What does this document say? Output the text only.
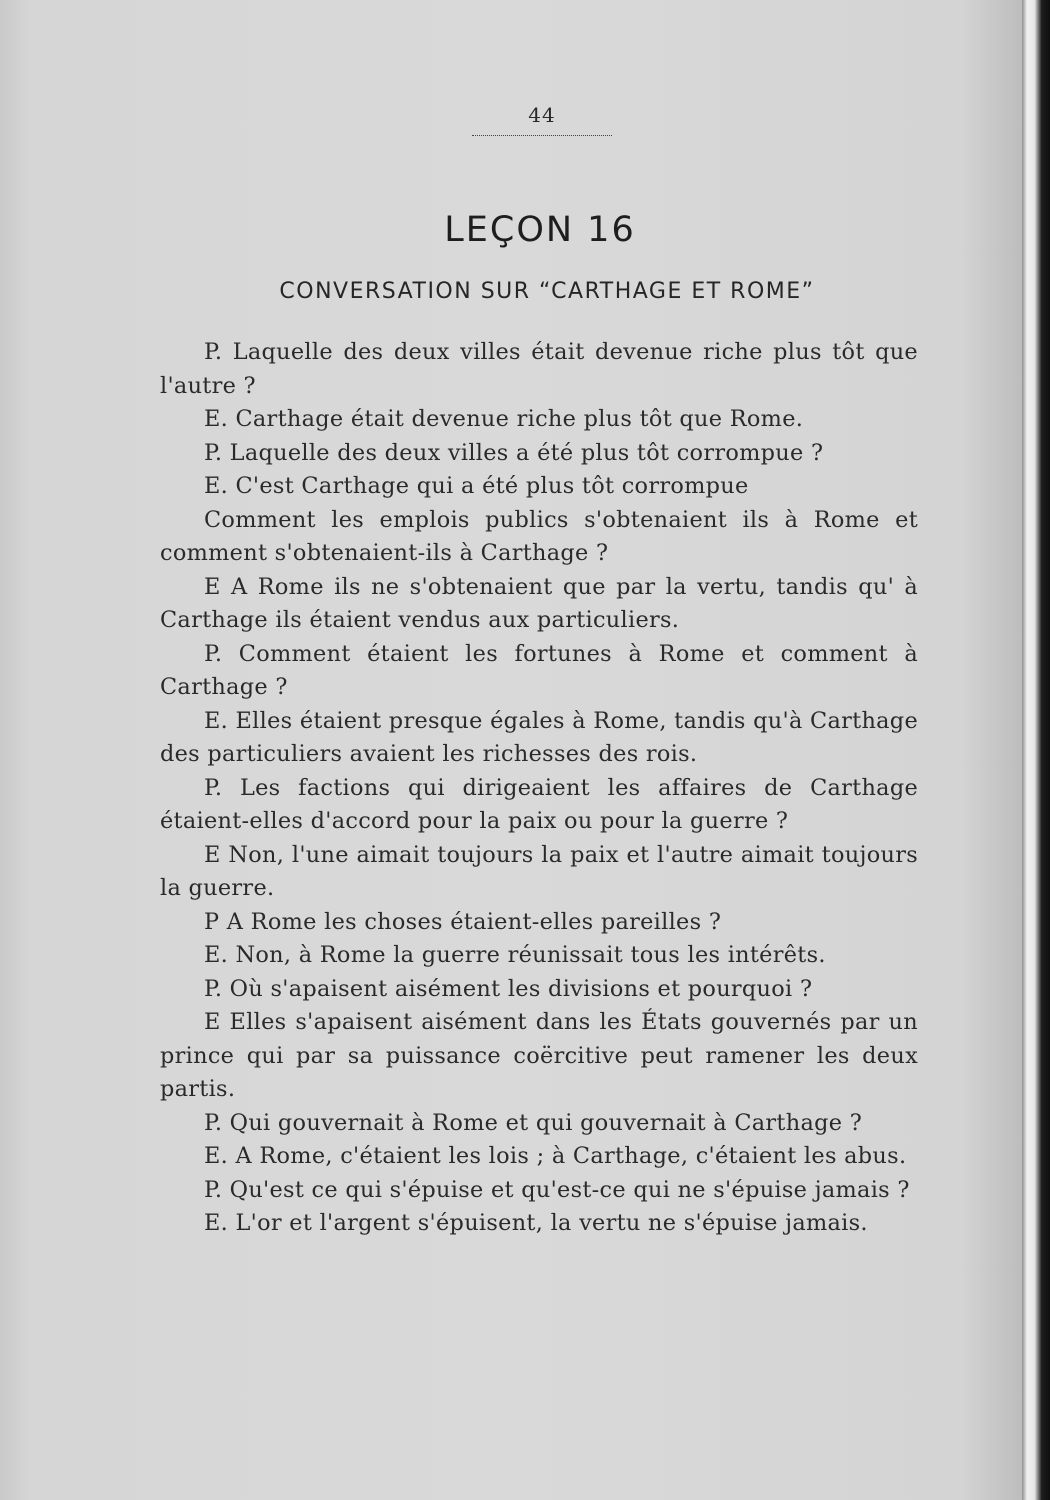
44
LEÇON 16
CONVERSATION SUR “CARTHAGE ET ROME”

P. Laquelle des deux villes était devenue riche plus tôt que l'autre ?

E. Carthage était devenue riche plus tôt que Rome.

P. Laquelle des deux villes a été plus tôt corrompue ?

E. C'est Carthage qui a été plus tôt corrompue

Comment les emplois publics s'obtenaient ils à Rome et comment s'obtenaient-ils à Carthage ?

E A Rome ils ne s'obtenaient que par la vertu, tandis qu' à Carthage ils étaient vendus aux particuliers.

P. Comment étaient les fortunes à Rome et comment à Carthage ?

E. Elles étaient presque égales à Rome, tandis qu'à Carthage des particuliers avaient les richesses des rois.

P. Les factions qui dirigeaient les affaires de Carthage étaient-elles d'accord pour la paix ou pour la guerre ?

E Non, l'une aimait toujours la paix et l'autre aimait toujours la guerre.

P A Rome les choses étaient-elles pareilles ?

E. Non, à Rome la guerre réunissait tous les intérêts.

P. Où s'apaisent aisément les divisions et pourquoi ?

E Elles s'apaisent aisément dans les États gouvernés par un prince qui par sa puissance coërcitive peut ramener les deux partis.

P. Qui gouvernait à Rome et qui gouvernait à Carthage ?

E. A Rome, c'étaient les lois ; à Carthage, c'étaient les abus.

P. Qu'est ce qui s'épuise et qu'est-ce qui ne s'épuise jamais ?

E. L'or et l'argent s'épuisent, la vertu ne s'épuise jamais.
